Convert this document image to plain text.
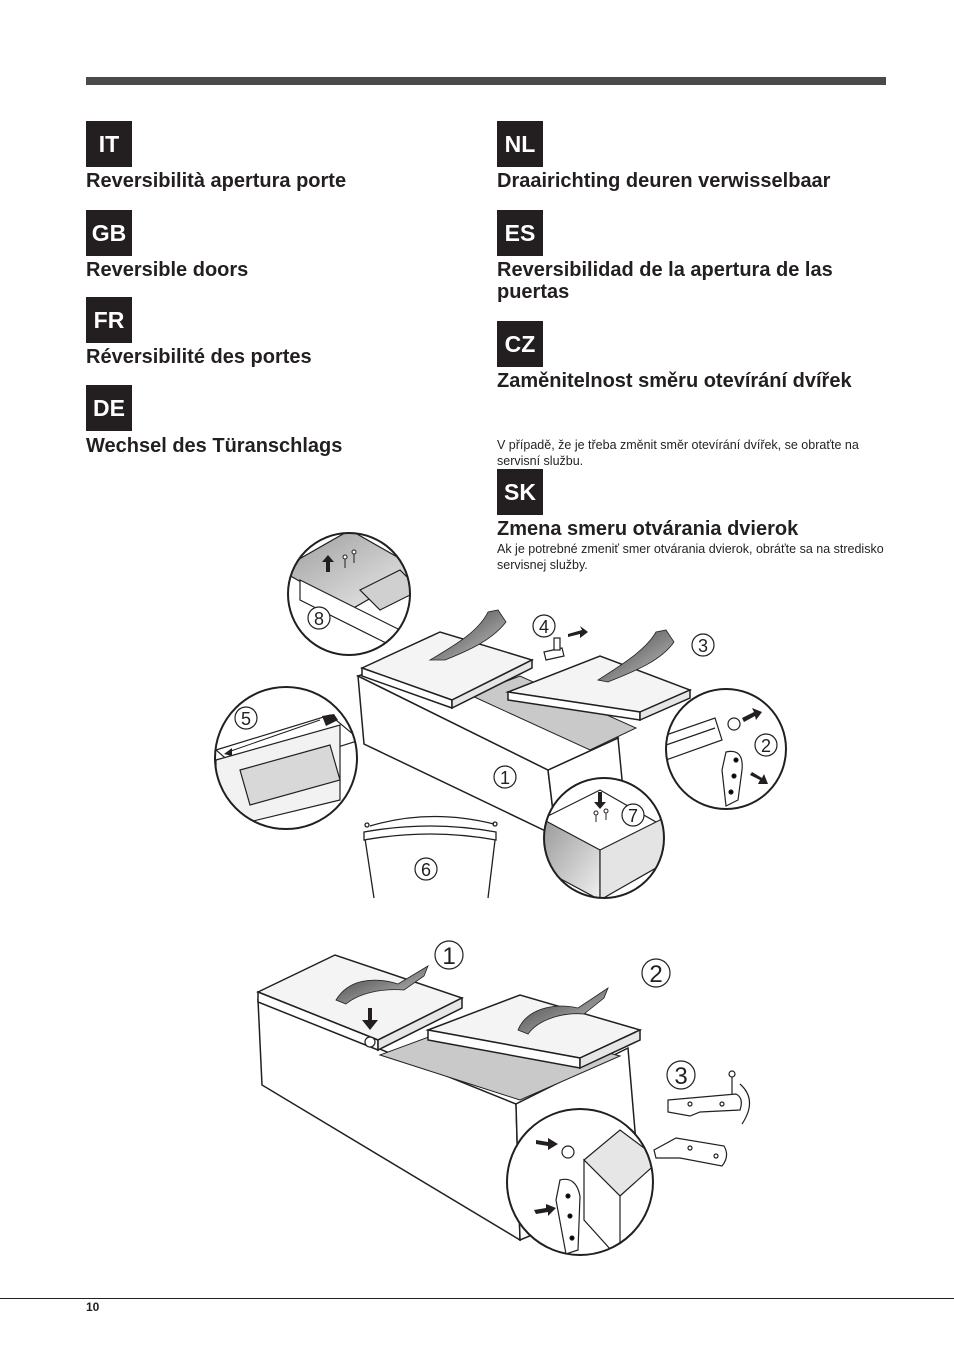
IT
Reversibilità apertura porte
GB
Reversible doors
FR
Réversibilité des portes
DE
Wechsel des Türanschlags
NL
Draairichting deuren verwisselbaar
ES
Reversibilidad de la apertura de las puertas
CZ
Zaměnitelnost směru otevírání dvířek
V případě, že je třeba změnit směr otevírání dvířek, se obraťte na servisní službu.
SK
Zmena smeru otvárania dvierok
Ak je potrebné zmeniť smer otvárania dvierok, obráťte sa na stredisko servisnej služby.
1
2
3
4
5
6
7
8
1
2
3
10
